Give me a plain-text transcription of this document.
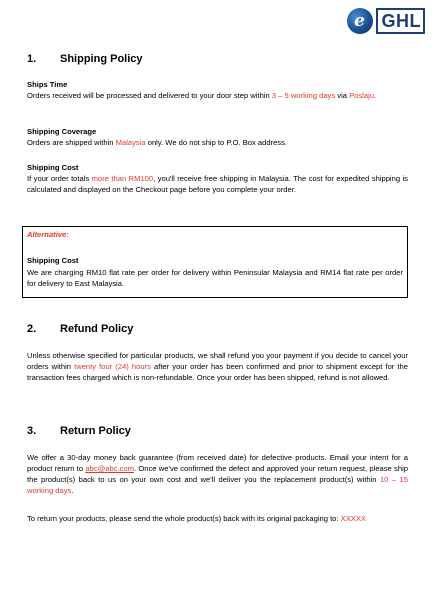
e GHL
1.	Shipping Policy
Ships Time
Orders received will be processed and delivered to your door step within 3 – 5 working days via Poslaju.
Shipping Coverage
Orders are shipped within Malaysia only. We do not ship to P.O. Box address.
Shipping Cost
If your order totals more than RM100, you'll receive free shipping in Malaysia. The cost for expedited shipping is calculated and displayed on the Checkout page before you complete your order.
2.	Refund Policy
Unless otherwise specified for particular products, we shall refund you your payment if you decide to cancel your orders within twenty four (24) hours after your order has been confirmed and prior to shipment except for the transaction fees charged which is non-refundable. Once your order has been shipped, refund is not allowed.
3.	Return Policy
We offer a 30-day money back guarantee (from received date) for defective products. Email your intent for a product return to abc@abc.com. Once we've confirmed the defect and approved your return request, please ship the product(s) back to us on your own cost and we'll deliver you the replacement product(s) within 10 – 15 working days.
To return your products, please send the whole product(s) back with its original packaging to: XXXXX
Alternative:
Shipping Cost
We are charging RM10 flat rate per order for delivery within Peninsular Malaysia and RM14 flat rate per order for delivery to East Malaysia.
